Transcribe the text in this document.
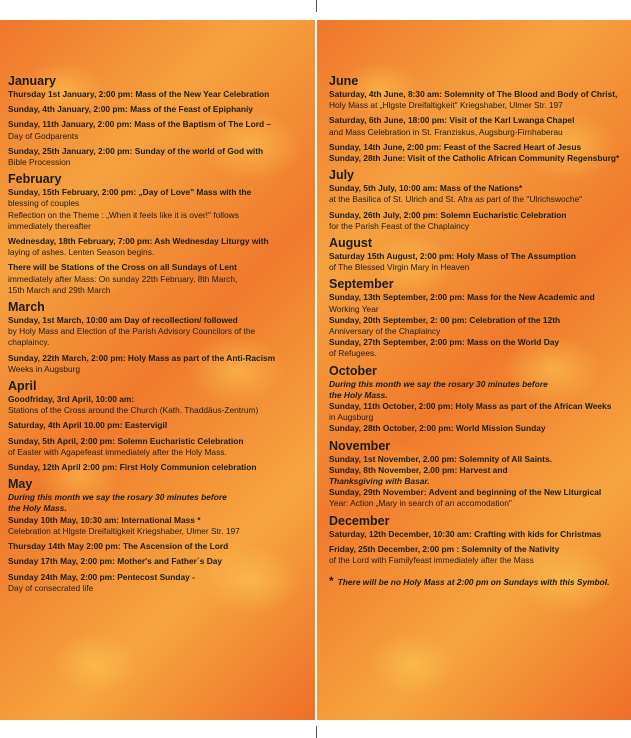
January
Thursday 1st January, 2:00 pm: Mass of the New Year Celebration
Sunday, 4th January, 2:00 pm: Mass of the Feast of Epiphaniy
Sunday, 11th January, 2:00 pm: Mass of the Baptism of The Lord –
Day of Godparents
Sunday, 25th January, 2:00 pm: Sunday of the world of God with
Bible Procession
February
Sunday, 15th February, 2:00 pm: „Day of Love" Mass with the
blessing of couples
Reflection on the Theme : „When it feels like it is over!" follows
immediately thereafter
Wednesday, 18th February, 7:00 pm: Ash Wednesday Liturgy with
laying of ashes. Lenten Season begins.
There will be Stations of the Cross on all Sundays of Lent
immediately after Mass: On sunday 22th February, 8th March,
15th March and 29th March
March
Sunday, 1st March, 10:00 am Day of recollection/ followed
by Holy Mass and Election of the Parish Advisory Councilors of the
chaplaincy.
Sunday, 22th March, 2:00 pm: Holy Mass as part of the Anti-Racism
Weeks in Augsburg
April
Goodfriday, 3rd April, 10:00 am:
Stations of the Cross around the Church (Kath. Thaddäus-Zentrum)
Saturday, 4th April 10.00 pm: Eastervigil
Sunday, 5th April, 2:00 pm: Solemn Eucharistic Celebration
of Easter with Agapefeast immediately after the Holy Mass.
Sunday, 12th April 2:00 pm: First Holy Communion celebration
May
During this month we say the rosary 30 minutes before
the Holy Mass.
Sunday 10th May, 10:30 am: International Mass *
Celebration at Hlgste Dreifaltigkeit Kriegshaber, Ulmer Str. 197
Thursday 14th May 2:00 pm: The Ascension of the Lord
Sunday 17th May, 2:00 pm: Mother's and Father´s Day
Sunday 24th May, 2:00 pm: Pentecost Sunday -
Day of consecrated life
June
Saturday, 4th June, 8:30 am: Solemnity of The Blood and Body of Christ,
Holy Mass at „Hlgste Dreifaltigkeit" Kriegshaber, Ulmer Str. 197
Saturday, 6th June, 18:00 pm: Visit of the Karl Lwanga Chapel
and Mass Celebration in St. Franziskus, Augsburg-Firnhaberau
Sunday, 14th June, 2:00 pm: Feast of the Sacred Heart of Jesus
Sunday, 28th June: Visit of the Catholic African Community Regensburg*
July
Sunday, 5th July, 10:00 am: Mass of the Nations*
at the Basilica of St. Ulrich and St. Afra as part of the "Ulrichswoche"
Sunday, 26th July, 2:00 pm: Solemn Eucharistic Celebration
for the Parish Feast of the Chaplaincy
August
Saturday 15th August, 2:00 pm: Holy Mass of The Assumption
of The Blessed Virgin Mary in Heaven
September
Sunday, 13th September, 2:00 pm: Mass for the New Academic and
Working Year
Sunday, 20th September, 2: 00 pm: Celebration of the 12th
Anniversary of the Chaplaincy
Sunday, 27th September, 2:00 pm: Mass on the World Day
of Refugees.
October
During this month we say the rosary 30 minutes before
the Holy Mass.
Sunday, 11th October, 2:00 pm: Holy Mass as part of the African Weeks
in Augsburg
Sunday, 28th October, 2:00 pm: World Mission Sunday
November
Sunday, 1st November, 2.00 pm: Solemnity of All Saints.
Sunday, 8th November, 2.00 pm: Harvest and
Thanksgiving with Basar.
Sunday, 29th November: Advent and beginning of the New Liturgical
Year: Action „Mary in search of an accomodation"
December
Saturday, 12th December, 10:30 am: Crafting with kids for Christmas
Friday, 25th December, 2:00 pm : Solemnity of the Nativity
of the Lord with Familyfeast immediately after the Mass
* There will be no Holy Mass at 2:00 pm on Sundays with this Symbol.
